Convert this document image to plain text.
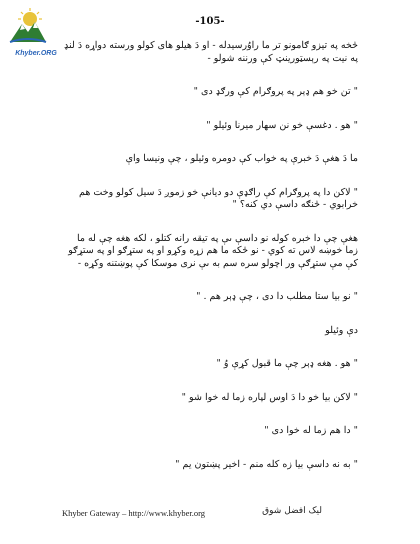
Khyber.ORG
-105-

څخه په تيزو ګامونو تر ما راوُرسيدله - او دَ هيلو هاى کولو ورسته دواړه دَ لنډ په نيت په رېسټورينټ کې ورننه شولو -

" تن خو هم ډېر په پروګرام کې ورګډ دى "

" هو . دغسې خو نن سهار ميرنا وئيلو "

ما دَ هغې دَ خبرې په خواب کې دومره وئيلو ، چې ونيسا واې

" لاکن دا په پروګرام کې راګډې دو ديانې خو زموږ دَ سيل کولو وخت هم خرابوي - څنګه داسې دي کنه؟ "

هغې چې دا خبره کوله نو داسې ىې په تيقه رانه کتلو ، لکه هغه چې له ما زما خوښه لاس ته کوي - نو څکه ما هم زړه وکړو او په ستړګو او په ستړګو کې مې ستړګې ور اچولو سره سم به ىې نرى موسکا کې پوښتنه وکړه -

" نو بيا ستا مطلب دا دى ، چې ډېر هم . "

دې وئيلو

" هو . هغه ډېر چې ما قبول کړې وُ "

" لاکن بيا خو دا دَ اوس لپاره زما له خوا شو "

" دا هم زما له خوا دى "

" به نه داسې بيا زه کله منم - اخير پښتون يم "

Khyber Gateway – http://www.khyber.org	ليک افضل شوق
